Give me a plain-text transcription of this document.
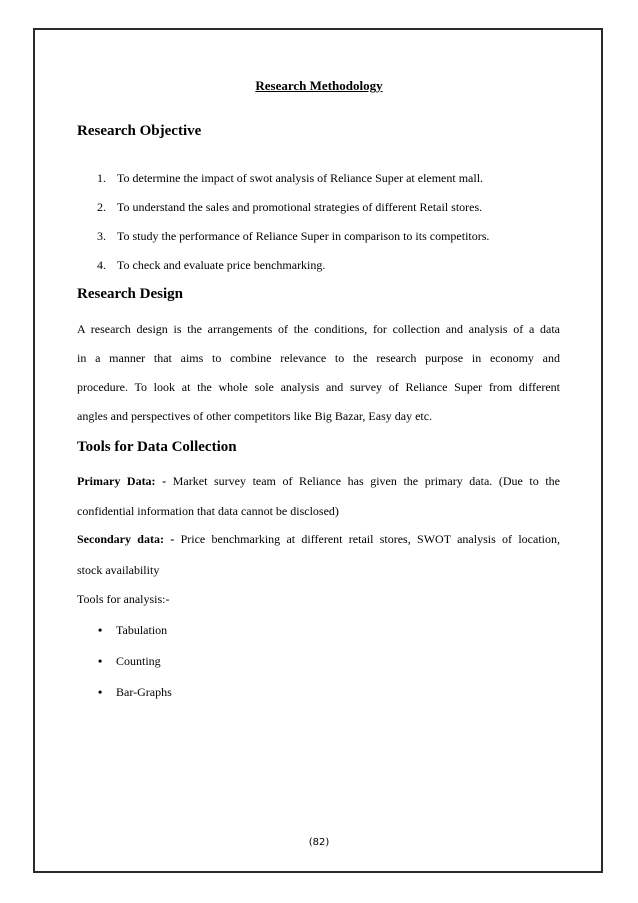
Research Methodology
Research Objective
1. To determine the impact of swot analysis of Reliance Super at element mall.
2. To understand the sales and promotional strategies of different Retail stores.
3. To study the performance of Reliance Super in comparison to its competitors.
4. To check and evaluate price benchmarking.
Research Design
A research design is the arrangements of the conditions, for collection and analysis of a data
in a manner that aims to combine relevance to the research purpose in economy and
procedure. To look at the whole sole analysis and survey of Reliance Super from different
angles and perspectives of other competitors like Big Bazar, Easy day etc.
Tools for Data Collection
Primary Data: - Market survey team of Reliance has given the primary data. (Due to the
confidential information that data cannot be disclosed)
Secondary data: - Price benchmarking at different retail stores, SWOT analysis of location,
stock availability
Tools for analysis:-
• Tabulation
• Counting
• Bar-Graphs
(82)
